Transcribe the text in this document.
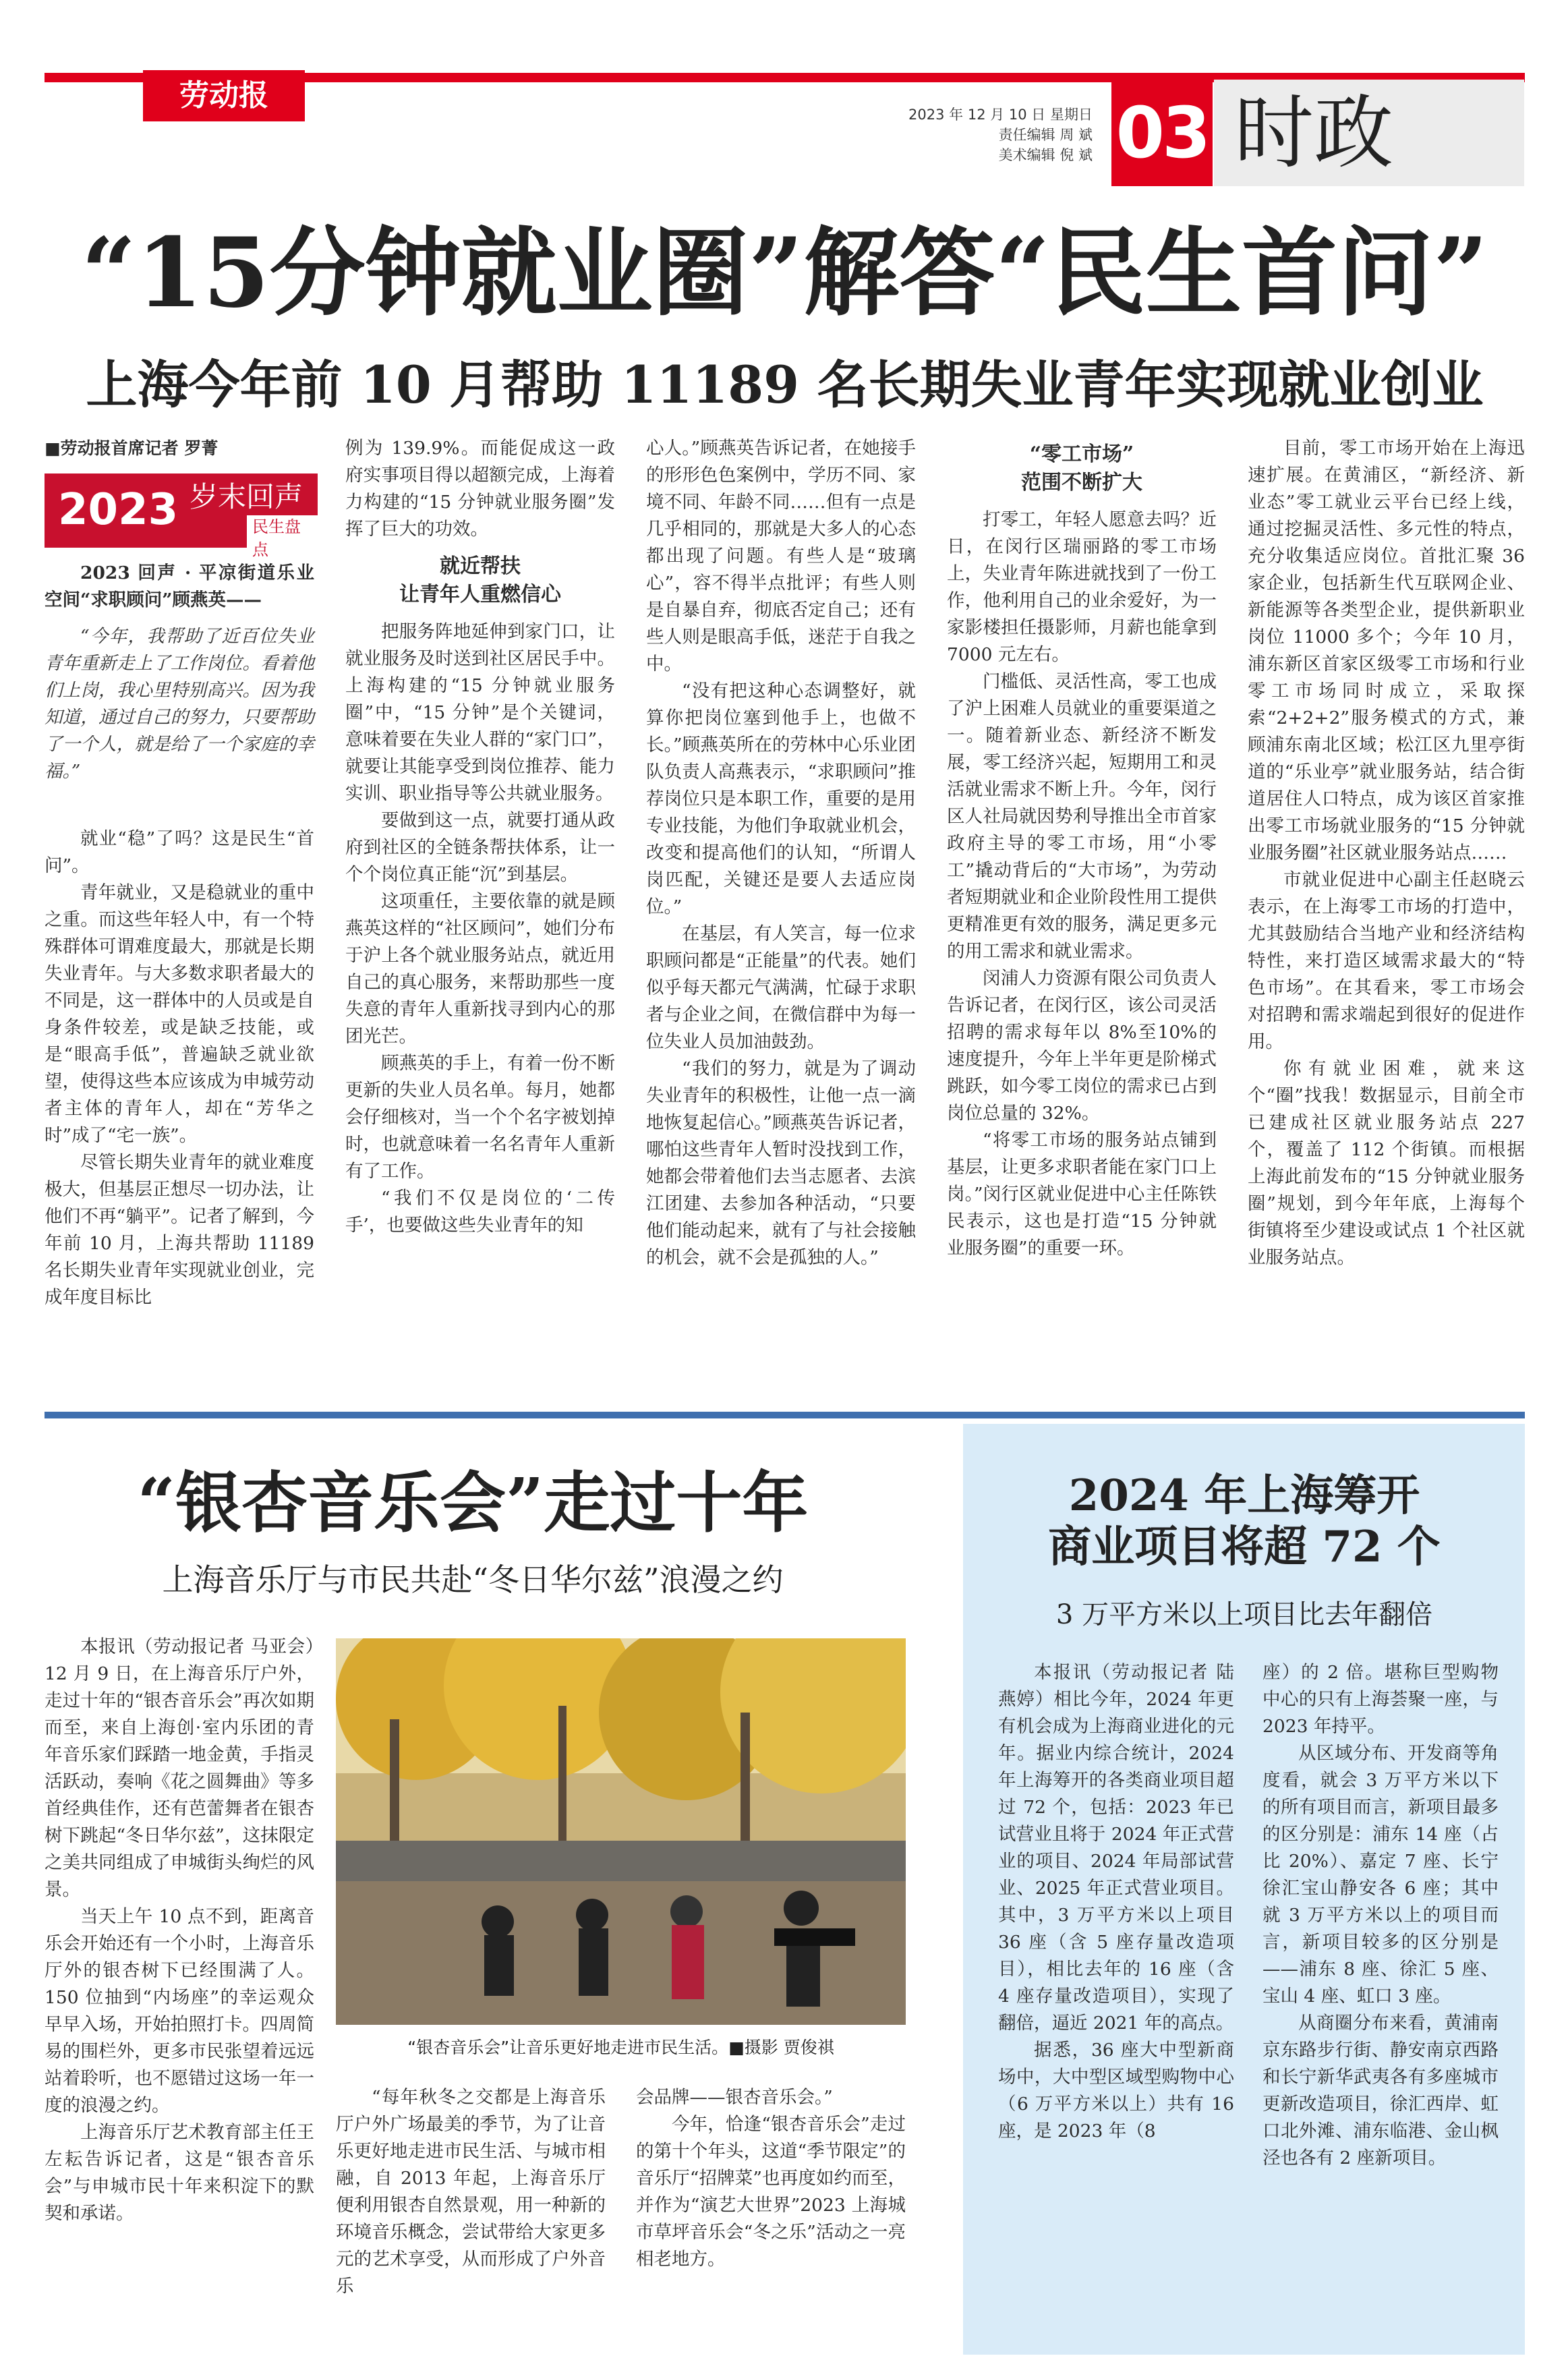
劳动报
2023 年 12 月 10 日 星期日
责任编辑 周 斌
美术编辑 倪 斌 03 时政
“15分钟就业圈”解答“民生首问”
上海今年前 10 月帮助 11189 名长期失业青年实现就业创业

■劳动报首席记者 罗菁

2023 岁末回声
民生盘点

2023 回声 · 平凉街道乐业空间“求职顾问”顾燕英——

“今年，我帮助了近百位失业青年重新走上了工作岗位。看着他们上岗，我心里特别高兴。因为我知道，通过自己的努力，只要帮助了一个人，就是给了一个家庭的幸福。”

就业“稳”了吗？这是民生“首问”。

青年就业，又是稳就业的重中之重。而这些年轻人中，有一个特殊群体可谓难度最大，那就是长期失业青年。与大多数求职者最大的不同是，这一群体中的人员或是自身条件较差，或是缺乏技能，或是“眼高手低”，普遍缺乏就业欲望，使得这些本应该成为申城劳动者主体的青年人，却在“芳华之时”成了“宅一族”。

尽管长期失业青年的就业难度极大，但基层正想尽一切办法，让他们不再“躺平”。记者了解到，今年前 10 月，上海共帮助 11189 名长期失业青年实现就业创业，完成年度目标比

例为 139.9%。而能促成这一政府实事项目得以超额完成，上海着力构建的“15 分钟就业服务圈”发挥了巨大的功效。

就近帮扶
让青年人重燃信心

把服务阵地延伸到家门口，让就业服务及时送到社区居民手中。上海构建的“15 分钟就业服务圈”中，“15 分钟”是个关键词，意味着要在失业人群的“家门口”，就要让其能享受到岗位推荐、能力实训、职业指导等公共就业服务。

要做到这一点，就要打通从政府到社区的全链条帮扶体系，让一个个岗位真正能“沉”到基层。

这项重任，主要依靠的就是顾燕英这样的“社区顾问”，她们分布于沪上各个就业服务站点，就近用自己的真心服务，来帮助那些一度失意的青年人重新找寻到内心的那团光芒。

顾燕英的手上，有着一份不断更新的失业人员名单。每月，她都会仔细核对，当一个个名字被划掉时，也就意味着一名名青年人重新有了工作。

“我们不仅是岗位的‘二传手’，也要做这些失业青年的知

心人。”顾燕英告诉记者，在她接手的形形色色案例中，学历不同、家境不同、年龄不同……但有一点是几乎相同的，那就是大多人的心态都出现了问题。有些人是“玻璃心”，容不得半点批评；有些人则是自暴自弃，彻底否定自己；还有些人则是眼高手低，迷茫于自我之中。

“没有把这种心态调整好，就算你把岗位塞到他手上，也做不长。”顾燕英所在的劳林中心乐业团队负责人高燕表示，“求职顾问”推荐岗位只是本职工作，重要的是用专业技能，为他们争取就业机会，改变和提高他们的认知，“所谓人岗匹配，关键还是要人去适应岗位。”

在基层，有人笑言，每一位求职顾问都是“正能量”的代表。她们似乎每天都元气满满，忙碌于求职者与企业之间，在微信群中为每一位失业人员加油鼓劲。

“我们的努力，就是为了调动失业青年的积极性，让他一点一滴地恢复起信心。”顾燕英告诉记者，哪怕这些青年人暂时没找到工作，她都会带着他们去当志愿者、去滨江团建、去参加各种活动，“只要他们能动起来，就有了与社会接触的机会，就不会是孤独的人。”

“零工市场”
范围不断扩大

打零工，年轻人愿意去吗？近日，在闵行区瑞丽路的零工市场上，失业青年陈进就找到了一份工作，他利用自己的业余爱好，为一家影楼担任摄影师，月薪也能拿到 7000 元左右。

门槛低、灵活性高，零工也成了沪上困难人员就业的重要渠道之一。随着新业态、新经济不断发展，零工经济兴起，短期用工和灵活就业需求不断上升。今年，闵行区人社局就因势利导推出全市首家政府主导的零工市场，用“小零工”撬动背后的“大市场”，为劳动者短期就业和企业阶段性用工提供更精准更有效的服务，满足更多元的用工需求和就业需求。

闵浦人力资源有限公司负责人告诉记者，在闵行区，该公司灵活招聘的需求每年以 8%至10%的速度提升，今年上半年更是阶梯式跳跃，如今零工岗位的需求已占到岗位总量的 32%。

“将零工市场的服务站点铺到基层，让更多求职者能在家门口上岗。”闵行区就业促进中心主任陈铁民表示，这也是打造“15 分钟就业服务圈”的重要一环。

目前，零工市场开始在上海迅速扩展。在黄浦区，“新经济、新业态”零工就业云平台已经上线，通过挖掘灵活性、多元性的特点，充分收集适应岗位。首批汇聚 36 家企业，包括新生代互联网企业、新能源等各类型企业，提供新职业岗位 11000 多个；今年 10 月，浦东新区首家区级零工市场和行业零工市场同时成立，采取探索“2+2+2”服务模式的方式，兼顾浦东南北区域；松江区九里亭街道的“乐业亭”就业服务站，结合街道居住人口特点，成为该区首家推出零工市场就业服务的“15 分钟就业服务圈”社区就业服务站点……

市就业促进中心副主任赵晓云表示，在上海零工市场的打造中，尤其鼓励结合当地产业和经济结构特性，来打造区域需求最大的“特色市场”。在其看来，零工市场会对招聘和需求端起到很好的促进作用。

你有就业困难，就来这个“圈”找我！数据显示，目前全市已建成社区就业服务站点 227 个，覆盖了 112 个街镇。而根据上海此前发布的“15 分钟就业服务圈”规划，到今年年底，上海每个街镇将至少建设或试点 1 个社区就业服务站点。

“银杏音乐会”走过十年
上海音乐厅与市民共赴“冬日华尔兹”浪漫之约

本报讯（劳动报记者 马亚会）12 月 9 日，在上海音乐厅户外，走过十年的“银杏音乐会”再次如期而至，来自上海创·室内乐团的青年音乐家们踩踏一地金黄，手指灵活跃动，奏响《花之圆舞曲》等多首经典佳作，还有芭蕾舞者在银杏树下跳起“冬日华尔兹”，这抹限定之美共同组成了申城街头绚烂的风景。

当天上午 10 点不到，距离音乐会开始还有一个小时，上海音乐厅外的银杏树下已经围满了人。150 位抽到“内场座”的幸运观众早早入场，开始拍照打卡。四周简易的围栏外，更多市民张望着远远站着聆听，也不愿错过这场一年一度的浪漫之约。

上海音乐厅艺术教育部主任王左耘告诉记者，这是“银杏音乐会”与申城市民十年来积淀下的默契和承诺。

“银杏音乐会”让音乐更好地走进市民生活。■摄影 贾俊祺

“每年秋冬之交都是上海音乐厅户外广场最美的季节，为了让音乐更好地走进市民生活、与城市相融，自 2013 年起，上海音乐厅便利用银杏自然景观，用一种新的环境音乐概念，尝试带给大家更多元的艺术享受，从而形成了户外音乐

会品牌——银杏音乐会。”

今年，恰逢“银杏音乐会”走过的第十个年头，这道“季节限定”的音乐厅“招牌菜”也再度如约而至，并作为“演艺大世界”2023 上海城市草坪音乐会“冬之乐”活动之一亮相老地方。

2024 年上海筹开
商业项目将超 72 个
3 万平方米以上项目比去年翻倍

本报讯（劳动报记者 陆燕婷）相比今年，2024 年更有机会成为上海商业进化的元年。据业内综合统计，2024 年上海筹开的各类商业项目超过 72 个，包括：2023 年已试营业且将于 2024 年正式营业的项目、2024 年局部试营业、2025 年正式营业项目。其中，3 万平方米以上项目 36 座（含 5 座存量改造项目），相比去年的 16 座（含 4 座存量改造项目），实现了翻倍，逼近 2021 年的高点。

据悉，36 座大中型新商场中，大中型区域型购物中心（6 万平方米以上）共有 16 座，是 2023 年（8

座）的 2 倍。堪称巨型购物中心的只有上海荟聚一座，与 2023 年持平。

从区域分布、开发商等角度看，就会 3 万平方米以下的所有项目而言，新项目最多的区分别是：浦东 14 座（占比 20%）、嘉定 7 座、长宁徐汇宝山静安各 6 座；其中就 3 万平方米以上的项目而言，新项目较多的区分别是——浦东 8 座、徐汇 5 座、宝山 4 座、虹口 3 座。

从商圈分布来看，黄浦南京东路步行街、静安南京西路和长宁新华武夷各有多座城市更新改造项目，徐汇西岸、虹口北外滩、浦东临港、金山枫泾也各有 2 座新项目。
